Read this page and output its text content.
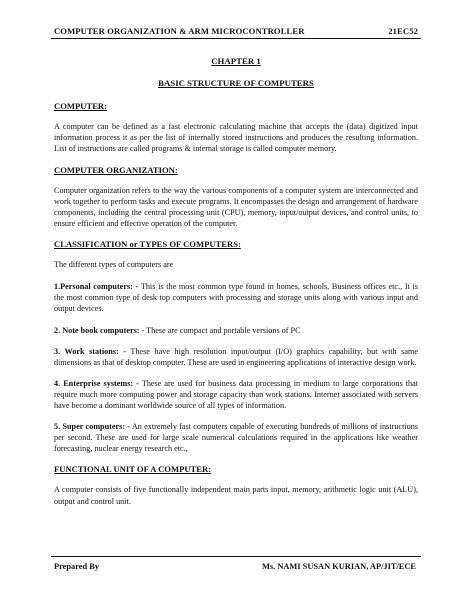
COMPUTER ORGANIZATION & ARM MICROCONTROLLER	21EC52

CHAPTER 1

BASIC STRUCTURE OF COMPUTERS

COMPUTER:

A computer can be defined as a fast electronic calculating machine that accepts the (data) digitized input information process it as per the list of internally stored instructions and produces the resulting information. List of instructions are called programs & internal storage is called computer memory.

COMPUTER ORGANIZATION:

Computer organization refers to the way the various components of a computer system are interconnected and work together to perform tasks and execute programs. It encompasses the design and arrangement of hardware components, including the central processing unit (CPU), memory, input/output devices, and control units, to ensure efficient and effective operation of the computer.

CLASSIFICATION or TYPES OF COMPUTERS:

The different types of computers are

1.Personal computers: - This is the most common type found in homes, schools, Business offices etc., It is the most common type of desk top computers with processing and storage units along with various input and output devices.

2. Note book computers: - These are compact and portable versions of PC

3. Work stations: - These have high resolution input/output (I/O) graphics capability, but with same dimensions as that of desktop computer. These are used in engineering applications of interactive design work.

4. Enterprise systems: - These are used for business data processing in medium to large corporations that require much more computing power and storage capacity than work stations. Internet associated with servers have become a dominant worldwide source of all types of information.

5. Super computers: - An extremely fast computers capable of executing hundreds of millions of instructions per second. These are used for large scale numerical calculations required in the applications like weather forecasting, nuclear energy research etc.,

FUNCTIONAL UNIT OF A COMPUTER:

A computer consists of five functionally independent main parts input, memory, arithmetic logic unit (ALU), output and control unit.

Prepared By	Ms. NAMI SUSAN KURIAN, AP/JIT/ECE
